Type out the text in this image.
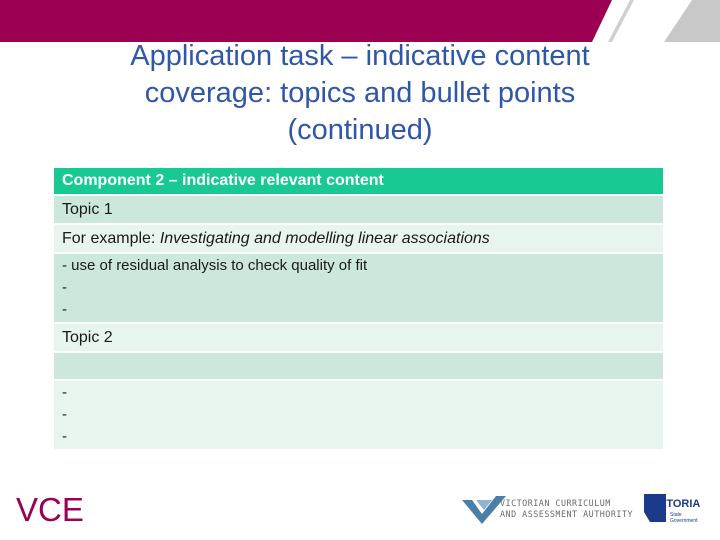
Application task – indicative content
coverage: topics and bullet points
(continued)
Component 2 – indicative relevant content
Topic 1
For example: Investigating and modelling linear associations

- use of residual analysis to check quality of fit
-
-

Topic 2

-
-
-
VCE	VICTORIAN CURRICULUM
AND ASSESSMENT AUTHORITY
VICTORIA
State
Government
